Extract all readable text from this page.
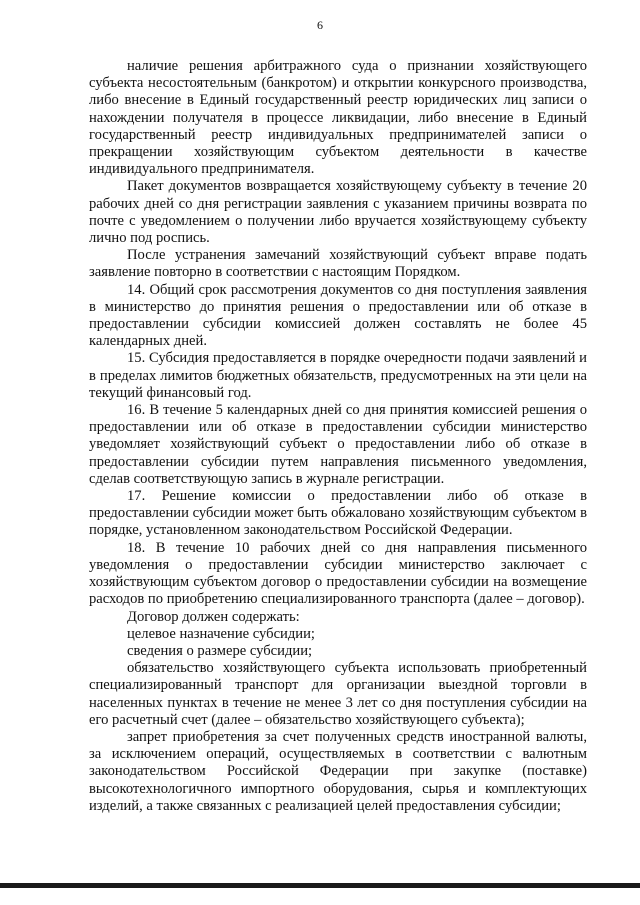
6

наличие решения арбитражного суда о признании хозяйствующего субъекта несостоятельным (банкротом) и открытии конкурсного производства, либо внесение в Единый государственный реестр юридических лиц записи о нахождении получателя в процессе ликвидации, либо внесение в Единый государственный реестр индивидуальных предпринимателей записи о прекращении хозяйствующим субъектом деятельности в качестве индивидуального предпринимателя.

Пакет документов возвращается хозяйствующему субъекту в течение 20 рабочих дней со дня регистрации заявления с указанием причины возврата по почте с уведомлением о получении либо вручается хозяйствующему субъекту лично под роспись.

После устранения замечаний хозяйствующий субъект вправе подать заявление повторно в соответствии с настоящим Порядком.

14. Общий срок рассмотрения документов со дня поступления заявления в министерство до принятия решения о предоставлении или об отказе в предоставлении субсидии комиссией должен составлять не более 45 календарных дней.

15. Субсидия предоставляется в порядке очередности подачи заявлений и в пределах лимитов бюджетных обязательств, предусмотренных на эти цели на текущий финансовый год.

16. В течение 5 календарных дней со дня принятия комиссией решения о предоставлении или об отказе в предоставлении субсидии министерство уведомляет хозяйствующий субъект о предоставлении либо об отказе в предоставлении субсидии путем направления письменного уведомления, сделав соответствующую запись в журнале регистрации.

17. Решение комиссии о предоставлении либо об отказе в предоставлении субсидии может быть обжаловано хозяйствующим субъектом в порядке, установленном законодательством Российской Федерации.

18. В течение 10 рабочих дней со дня направления письменного уведомления о предоставлении субсидии министерство заключает с хозяйствующим субъектом договор о предоставлении субсидии на возмещение расходов по приобретению специализированного транспорта (далее – договор).

Договор должен содержать:

целевое назначение субсидии;

сведения о размере субсидии;

обязательство хозяйствующего субъекта использовать приобретенный специализированный транспорт для организации выездной торговли в населенных пунктах в течение не менее 3 лет со дня поступления субсидии на его расчетный счет (далее – обязательство хозяйствующего субъекта);

запрет приобретения за счет полученных средств иностранной валюты, за исключением операций, осуществляемых в соответствии с валютным законодательством Российской Федерации при закупке (поставке) высокотехнологичного импортного оборудования, сырья и комплектующих изделий, а также связанных с реализацией целей предоставления субсидии;
